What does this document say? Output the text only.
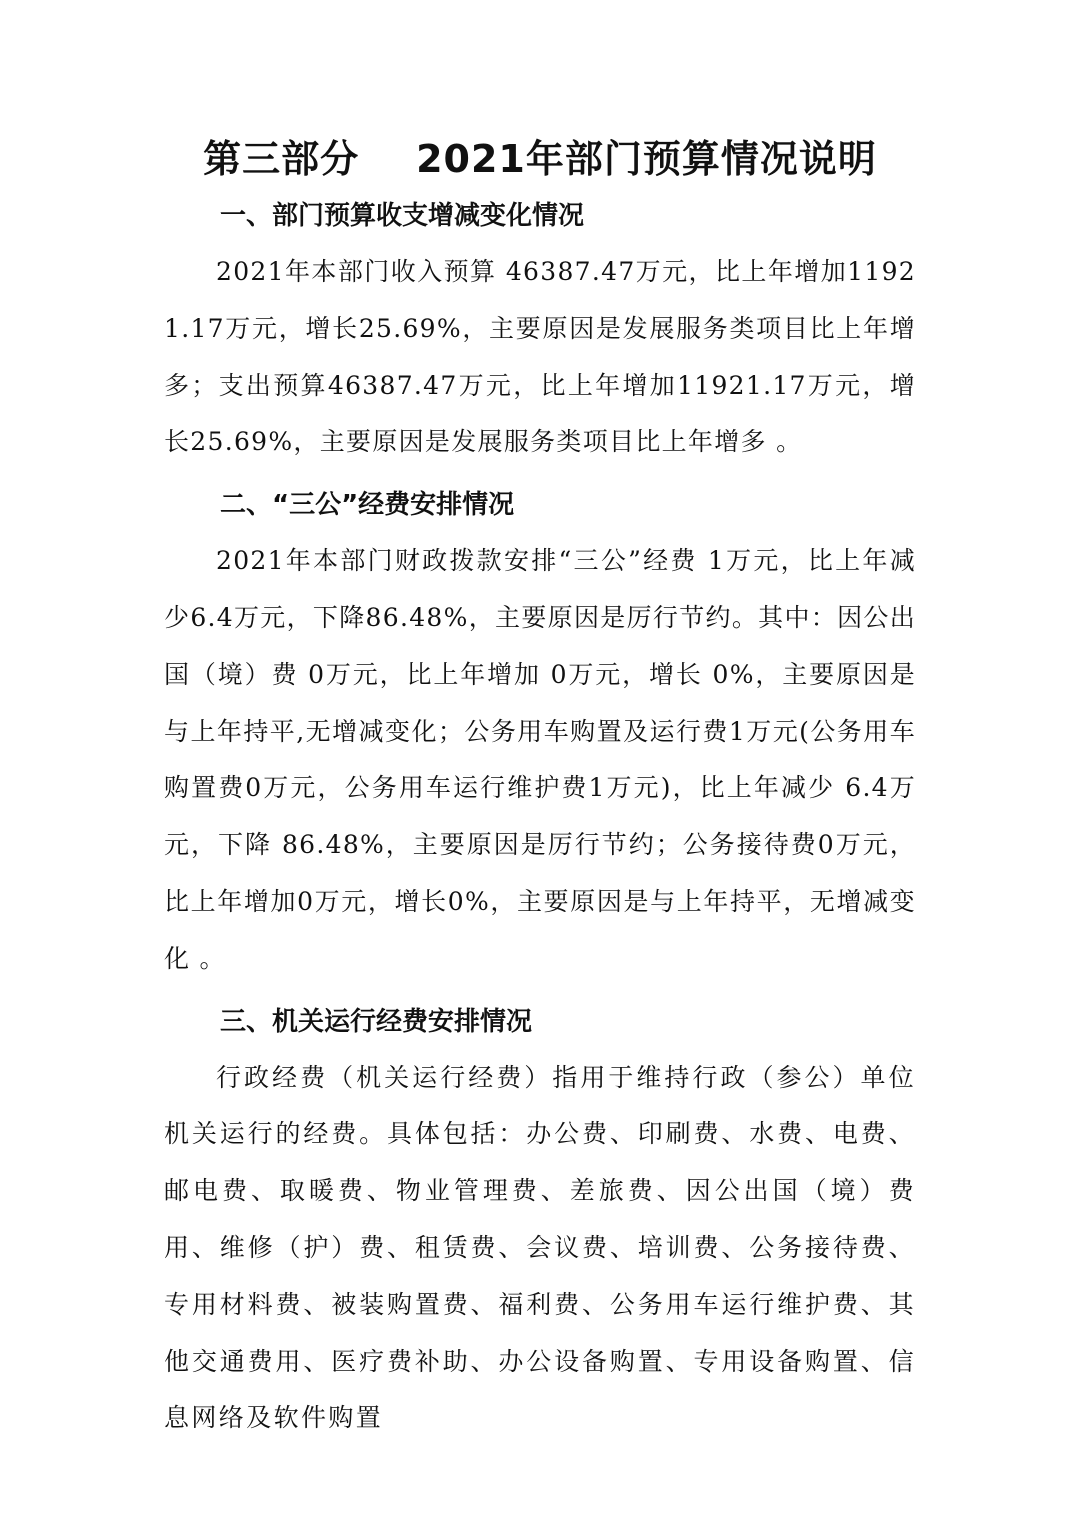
第三部分    2021年部门预算情况说明
一、部门预算收支增减变化情况

2021年本部门收入预算 46387.47万元，比上年增加11921.17万元，增长25.69%，主要原因是发展服务类项目比上年增多；支出预算46387.47万元，比上年增加11921.17万元，增长25.69%，主要原因是发展服务类项目比上年增多 。

二、“三公”经费安排情况

2021年本部门财政拨款安排“三公”经费 1万元，比上年减少6.4万元，下降86.48%，主要原因是厉行节约。其中：因公出国（境）费 0万元，比上年增加 0万元，增长 0%，主要原因是与上年持平,无增减变化；公务用车购置及运行费1万元(公务用车购置费0万元，公务用车运行维护费1万元)，比上年减少 6.4万元，下降 86.48%，主要原因是厉行节约；公务接待费0万元，比上年增加0万元，增长0%，主要原因是与上年持平，无增减变化 。

三、机关运行经费安排情况

行政经费（机关运行经费）指用于维持行政（参公）单位机关运行的经费。具体包括：办公费、印刷费、水费、电费、邮电费、取暖费、物业管理费、差旅费、因公出国（境）费用、维修（护）费、租赁费、会议费、培训费、公务接待费、专用材料费、被装购置费、福利费、公务用车运行维护费、其他交通费用、医疗费补助、办公设备购置、专用设备购置、信息网络及软件购置
